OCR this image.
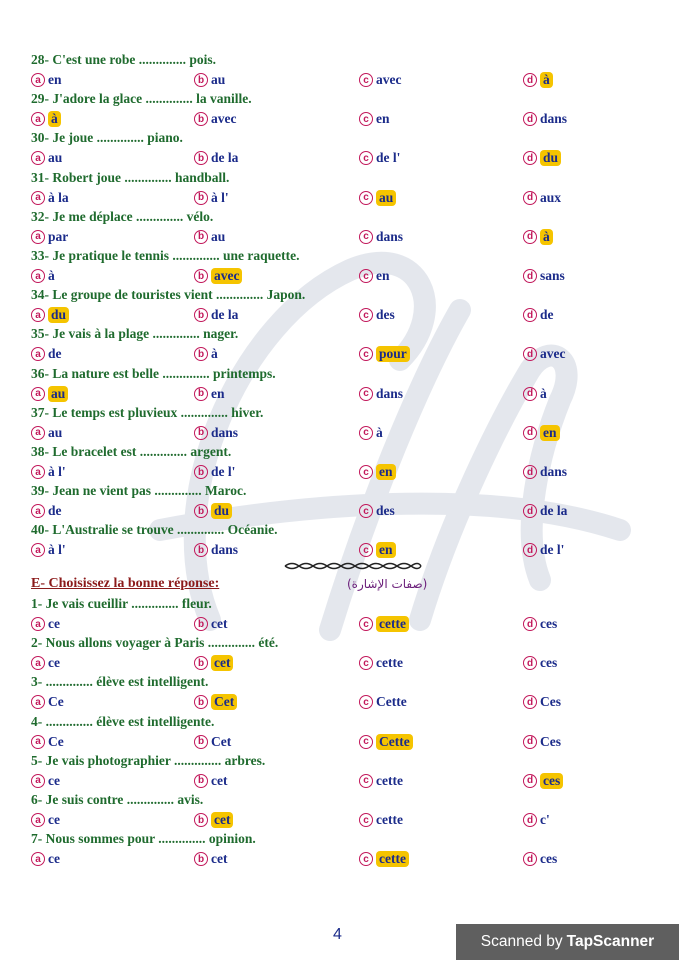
28- C'est une robe .............. pois.
a en	b au	c avec	d à
29- J'adore la glace .............. la vanille.
a à	b avec	c en	d dans
30- Je joue .............. piano.
a au	b de la	c de l'	d du
31- Robert joue .............. handball.
a à la	b à l'	c au	d aux
32- Je me déplace .............. vélo.
a par	b au	c dans	d à
33- Je pratique le tennis .............. une raquette.
a à	b avec	c en	d sans
34- Le groupe de touristes vient .............. Japon.
a du	b de la	c des	d de
35- Je vais à la plage .............. nager.
a de	b à	c pour	d avec
36- La nature est belle .............. printemps.
a au	b en	c dans	d à
37- Le temps est pluvieux .............. hiver.
a au	b dans	c à	d en
38- Le bracelet est .............. argent.
a à l'	b de l'	c en	d dans
39- Jean ne vient pas .............. Maroc.
a de	b du	c des	d de la
40- L'Australie se trouve .............. Océanie.
a à l'	b dans	c en	d de l'
E- Choisissez la bonne réponse:	(صفات الإشارة)
1- Je vais cueillir .............. fleur.
a ce	b cet	c cette	d ces
2- Nous allons voyager à Paris .............. été.
a ce	b cet	c cette	d ces
3- .............. élève est intelligent.
a Ce	b Cet	c Cette	d Ces
4- .............. élève est intelligente.
a Ce	b Cet	c Cette	d Ces
5- Je vais photographier .............. arbres.
a ce	b cet	c cette	d ces
6- Je suis contre .............. avis.
a ce	b cet	c cette	d c'
7- Nous sommes pour .............. opinion.
a ce	b cet	c cette	d ces
4	Scanned by TapScanner
